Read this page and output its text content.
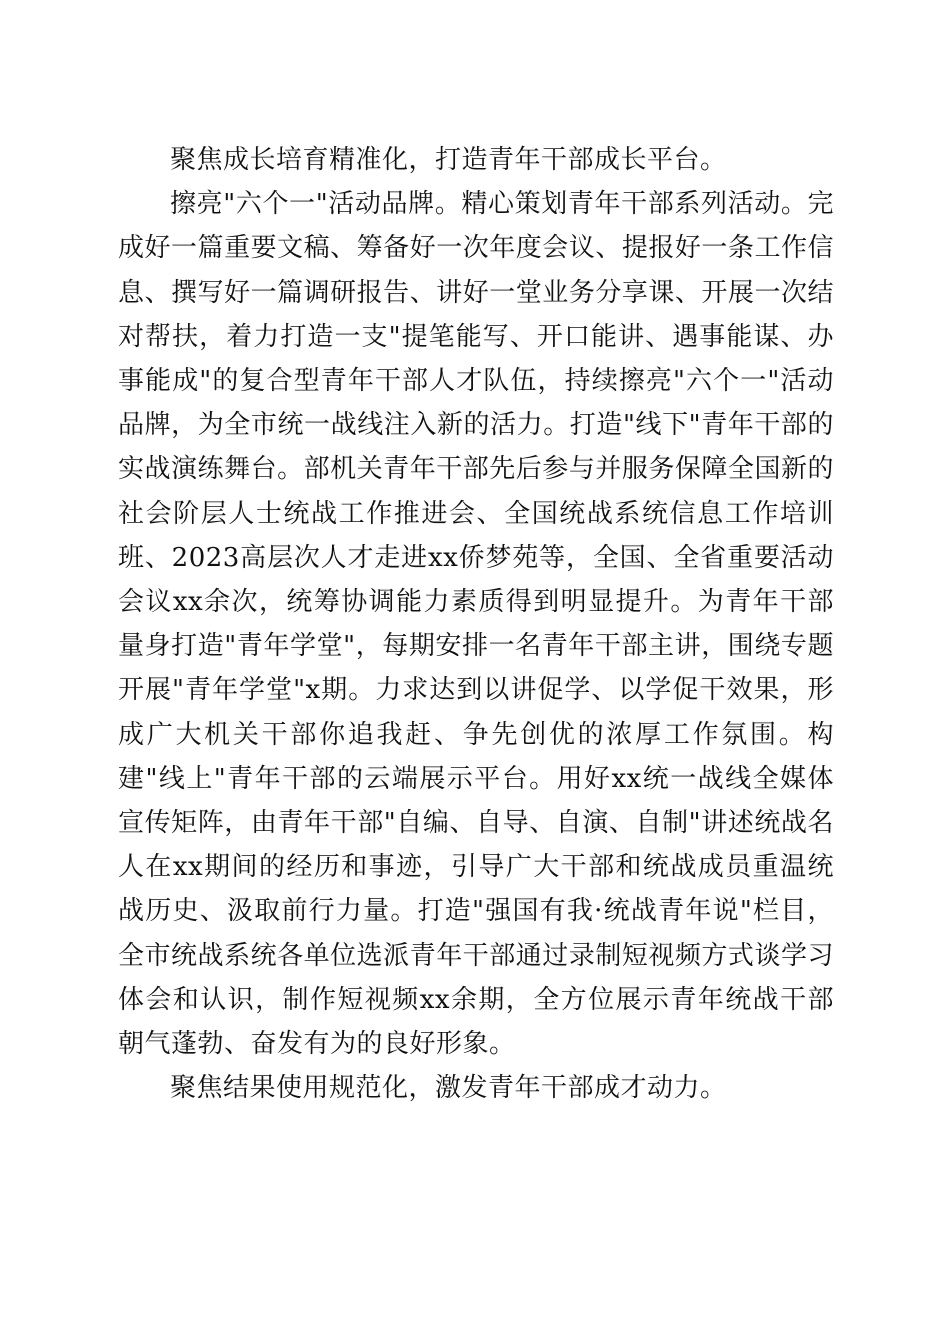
聚焦成长培育精准化，打造青年干部成长平台。

擦亮"六个一"活动品牌。精心策划青年干部系列活动。完成好一篇重要文稿、筹备好一次年度会议、提报好一条工作信息、撰写好一篇调研报告、讲好一堂业务分享课、开展一次结对帮扶，着力打造一支"提笔能写、开口能讲、遇事能谋、办事能成"的复合型青年干部人才队伍，持续擦亮"六个一"活动品牌，为全市统一战线注入新的活力。打造"线下"青年干部的实战演练舞台。部机关青年干部先后参与并服务保障全国新的社会阶层人士统战工作推进会、全国统战系统信息工作培训班、2023高层次人才走进xx侨梦苑等，全国、全省重要活动会议xx余次，统筹协调能力素质得到明显提升。为青年干部量身打造"青年学堂"，每期安排一名青年干部主讲，围绕专题开展"青年学堂"x期。力求达到以讲促学、以学促干效果，形成广大机关干部你追我赶、争先创优的浓厚工作氛围。构建"线上"青年干部的云端展示平台。用好xx统一战线全媒体宣传矩阵，由青年干部"自编、自导、自演、自制"讲述统战名人在xx期间的经历和事迹，引导广大干部和统战成员重温统战历史、汲取前行力量。打造"强国有我·统战青年说"栏目，全市统战系统各单位选派青年干部通过录制短视频方式谈学习体会和认识，制作短视频xx余期，全方位展示青年统战干部朝气蓬勃、奋发有为的良好形象。

聚焦结果使用规范化，激发青年干部成才动力。
